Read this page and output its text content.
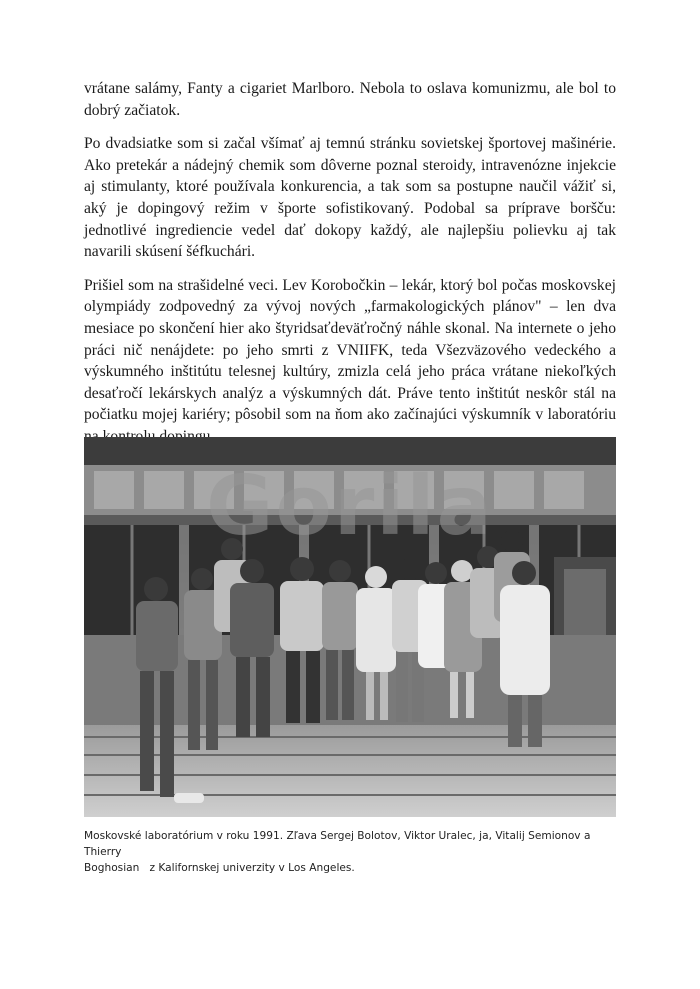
vrátane salámy, Fanty a cigariet Marlboro. Nebola to oslava komunizmu, ale bol to dobrý začiatok.

Po dvadsiatke som si začal všímať aj temnú stránku sovietskej športovej mašinérie. Ako pretekár a nádejný chemik som dôverne poznal steroidy, intravenózne injekcie aj stimulanty, ktoré používala konkurencia, a tak som sa postupne naučil vážiť si, aký je dopingový režim v športe sofistikovaný. Podobal sa príprave boršču: jednotlivé ingrediencie vedel dať dokopy každý, ale najlepšiu polievku aj tak navarili skúsení šéfkuchári.

Prišiel som na strašidelné veci. Lev Korobočkin – lekár, ktorý bol počas moskovskej olympiády zodpovedný za vývoj nových „farmakologických plánov" – len dva mesiace po skončení hier ako štyridsaťdeväťročný náhle skonal. Na internete o jeho práci nič nenájdete: po jeho smrti z VNIIFK, teda Všezväzového vedeckého a výskumného inštitútu telesnej kultúry, zmizla celá jeho práca vrátane niekoľkých desaťročí lekárskych analýz a výskumných dát. Práve tento inštitút neskôr stál na počiatku mojej kariéry; pôsobil som na ňom ako začínajúci výskumník v laboratóriu

Gorila
Moskovské laboratórium v roku 1991. Zľava Sergej Bolotov, Viktor Uralec, ja, Vitalij Semionov a Thierry
Boghosian   z Kalifornskej univerzity v Los Angeles.
